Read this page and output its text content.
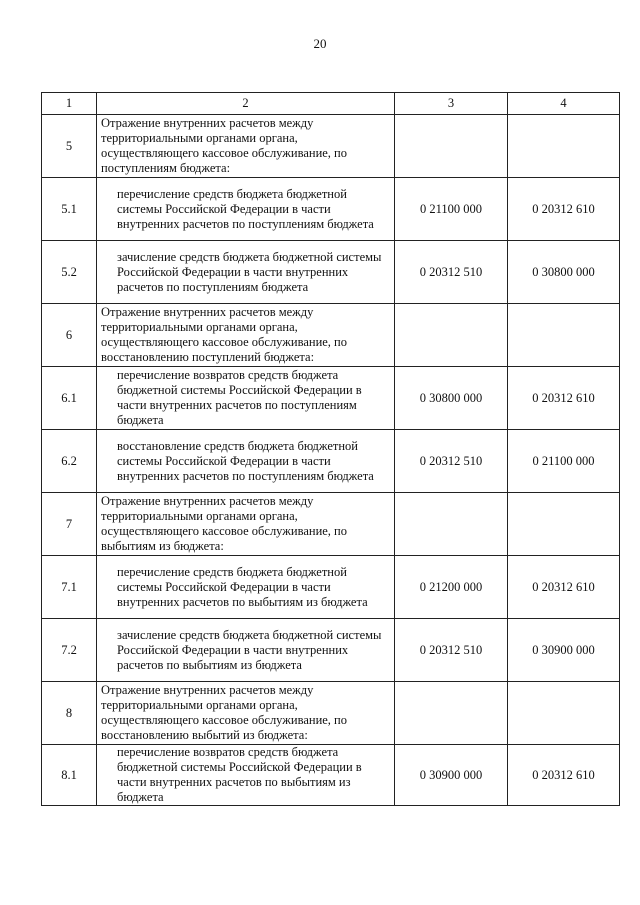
20
1	2	3	4
5	Отражение внутренних расчетов между территориальными органами органа, осуществляющего кассовое обслуживание, по поступлениям бюджета:		
5.1	перечисление средств бюджета бюджетной системы Российской Федерации в части внутренних расчетов по поступлениям бюджета	0 21100 000	0 20312 610
5.2	зачисление средств бюджета бюджетной системы Российской Федерации в части внутренних расчетов по поступлениям бюджета	0 20312 510	0 30800 000
6	Отражение внутренних расчетов между территориальными органами органа, осуществляющего кассовое обслуживание, по восстановлению поступлений бюджета:		
6.1	перечисление возвратов средств бюджета бюджетной системы Российской Федерации в части внутренних расчетов по поступлениям бюджета	0 30800 000	0 20312 610
6.2	восстановление средств бюджета бюджетной системы Российской Федерации в части внутренних расчетов по поступлениям бюджета	0 20312 510	0 21100 000
7	Отражение внутренних расчетов между территориальными органами органа, осуществляющего кассовое обслуживание, по выбытиям из бюджета:		
7.1	перечисление средств бюджета бюджетной системы Российской Федерации в части внутренних расчетов по выбытиям из бюджета	0 21200 000	0 20312 610
7.2	зачисление средств бюджета бюджетной системы Российской Федерации в части внутренних расчетов по выбытиям из бюджета	0 20312 510	0 30900 000
8	Отражение внутренних расчетов между территориальными органами органа, осуществляющего кассовое обслуживание, по восстановлению выбытий из бюджета:		
8.1	перечисление возвратов средств бюджета бюджетной системы Российской Федерации в части внутренних расчетов по выбытиям из бюджета	0 30900 000	0 20312 610
